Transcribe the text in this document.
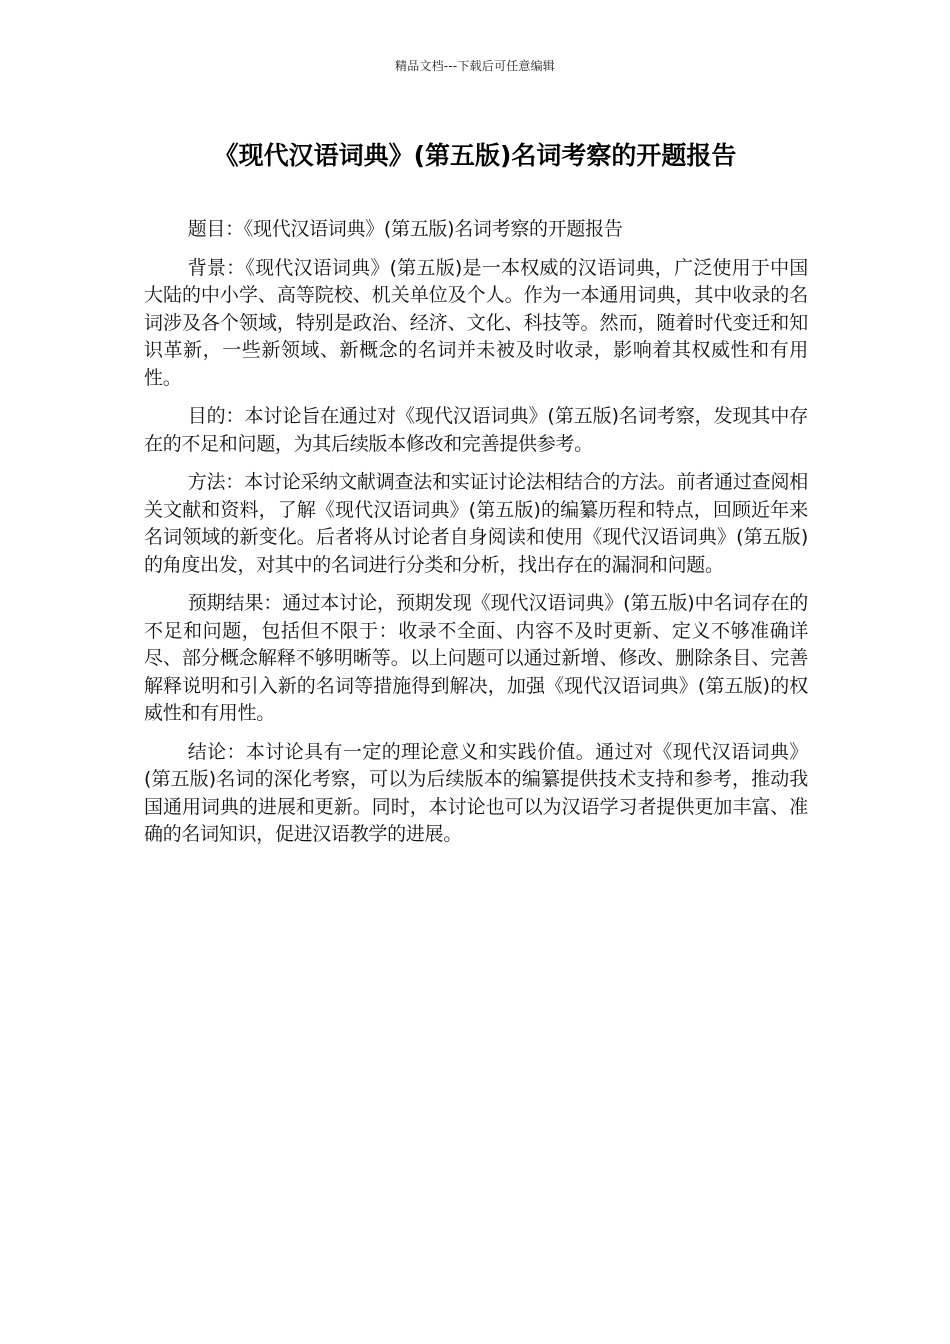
精品文档---下载后可任意编辑
《现代汉语词典》(第五版)名词考察的开题报告

题目：《现代汉语词典》(第五版)名词考察的开题报告

背景：《现代汉语词典》(第五版)是一本权威的汉语词典，广泛使用于中国大陆的中小学、高等院校、机关单位及个人。作为一本通用词典，其中收录的名词涉及各个领域，特别是政治、经济、文化、科技等。然而，随着时代变迁和知识革新，一些新领域、新概念的名词并未被及时收录，影响着其权威性和有用性。

目的：本讨论旨在通过对《现代汉语词典》(第五版)名词考察，发现其中存在的不足和问题，为其后续版本修改和完善提供参考。

方法：本讨论采纳文献调查法和实证讨论法相结合的方法。前者通过查阅相关文献和资料，了解《现代汉语词典》(第五版)的编纂历程和特点，回顾近年来名词领域的新变化。后者将从讨论者自身阅读和使用《现代汉语词典》(第五版)的角度出发，对其中的名词进行分类和分析，找出存在的漏洞和问题。

预期结果：通过本讨论，预期发现《现代汉语词典》(第五版)中名词存在的不足和问题，包括但不限于：收录不全面、内容不及时更新、定义不够准确详尽、部分概念解释不够明晰等。以上问题可以通过新增、修改、删除条目、完善解释说明和引入新的名词等措施得到解决，加强《现代汉语词典》(第五版)的权威性和有用性。

结论：本讨论具有一定的理论意义和实践价值。通过对《现代汉语词典》(第五版)名词的深化考察，可以为后续版本的编纂提供技术支持和参考，推动我国通用词典的进展和更新。同时，本讨论也可以为汉语学习者提供更加丰富、准确的名词知识，促进汉语教学的进展。
